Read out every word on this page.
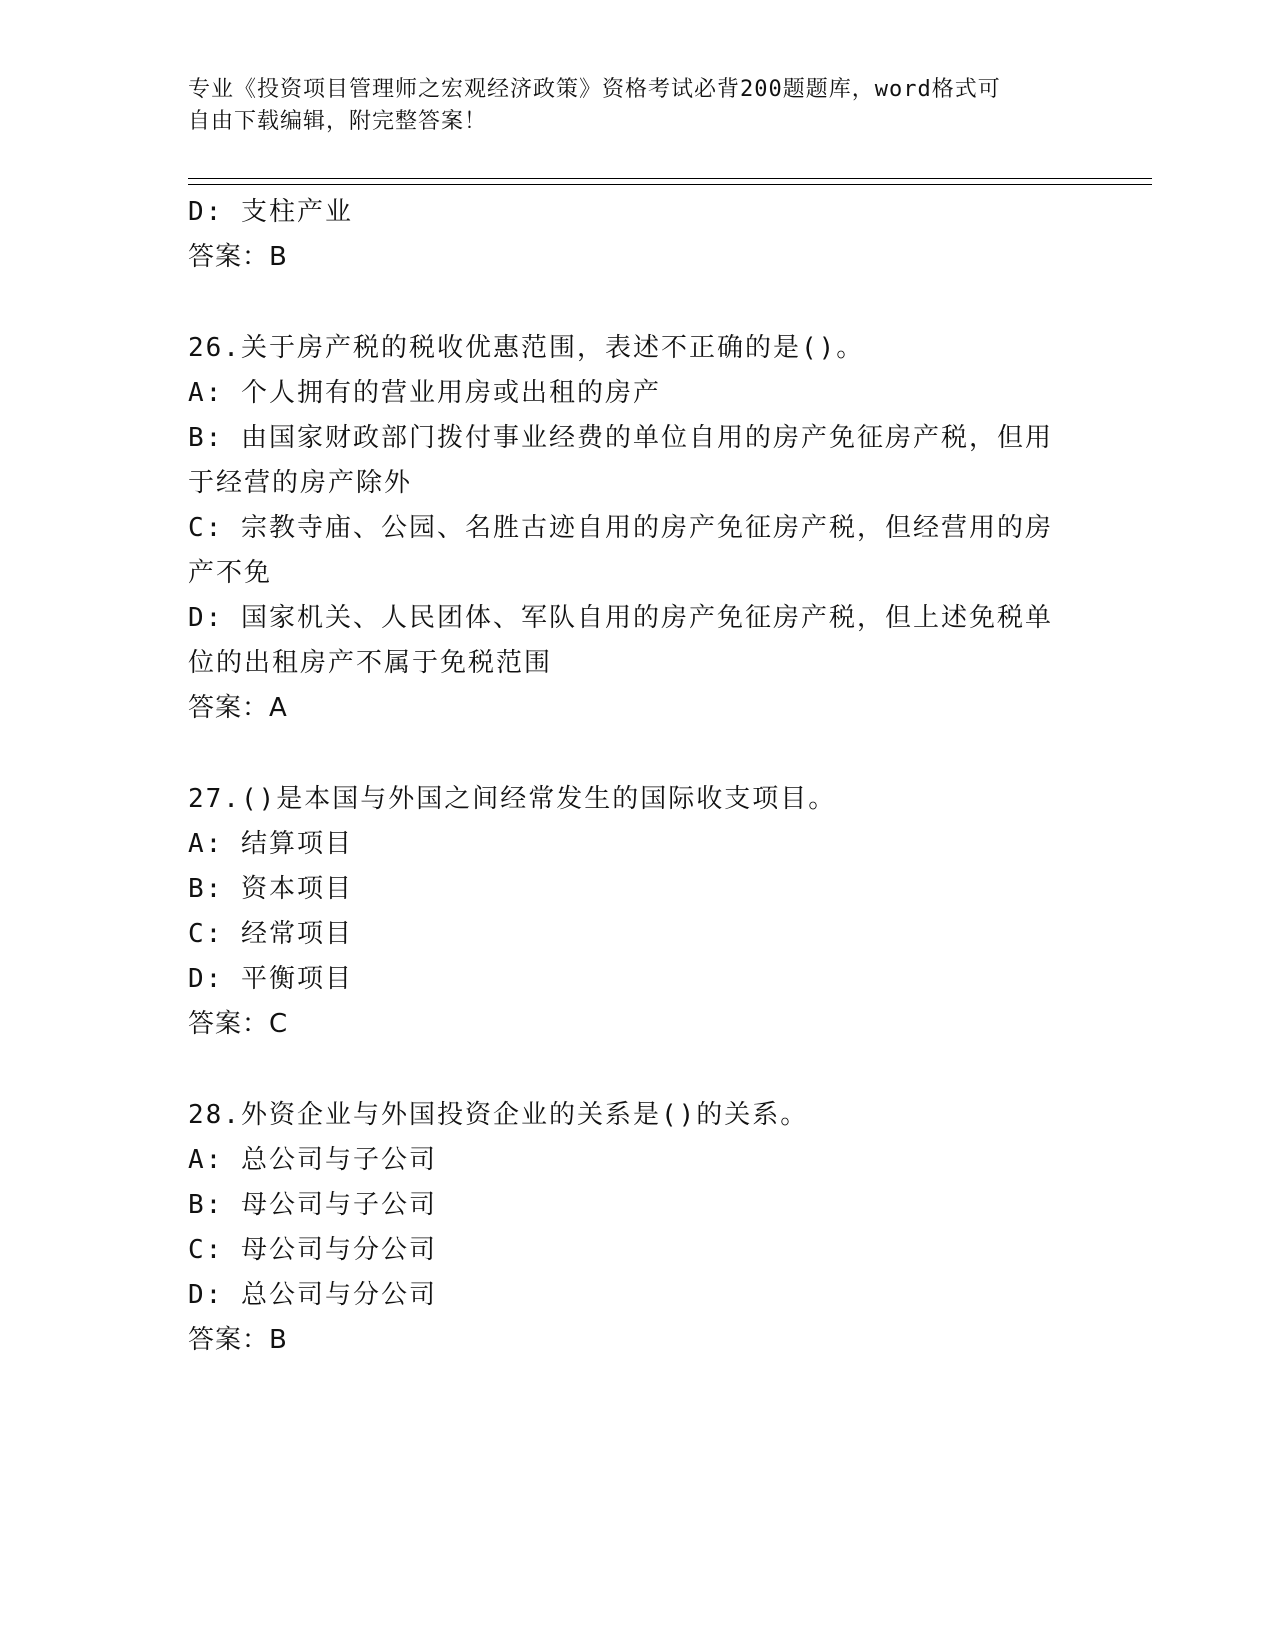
专业《投资项目管理师之宏观经济政策》资格考试必背200题题库，word格式可
自由下载编辑，附完整答案！

D: 支柱产业

答案：B

26.关于房产税的税收优惠范围，表述不正确的是()。

A: 个人拥有的营业用房或出租的房产

B: 由国家财政部门拨付事业经费的单位自用的房产免征房产税，但用

于经营的房产除外

C: 宗教寺庙、公园、名胜古迹自用的房产免征房产税，但经营用的房

产不免

D: 国家机关、人民团体、军队自用的房产免征房产税，但上述免税单

位的出租房产不属于免税范围

答案：A

27.()是本国与外国之间经常发生的国际收支项目。

A: 结算项目

B: 资本项目

C: 经常项目

D: 平衡项目

答案：C

28.外资企业与外国投资企业的关系是()的关系。

A: 总公司与子公司

B: 母公司与子公司

C: 母公司与分公司

D: 总公司与分公司

答案：B
